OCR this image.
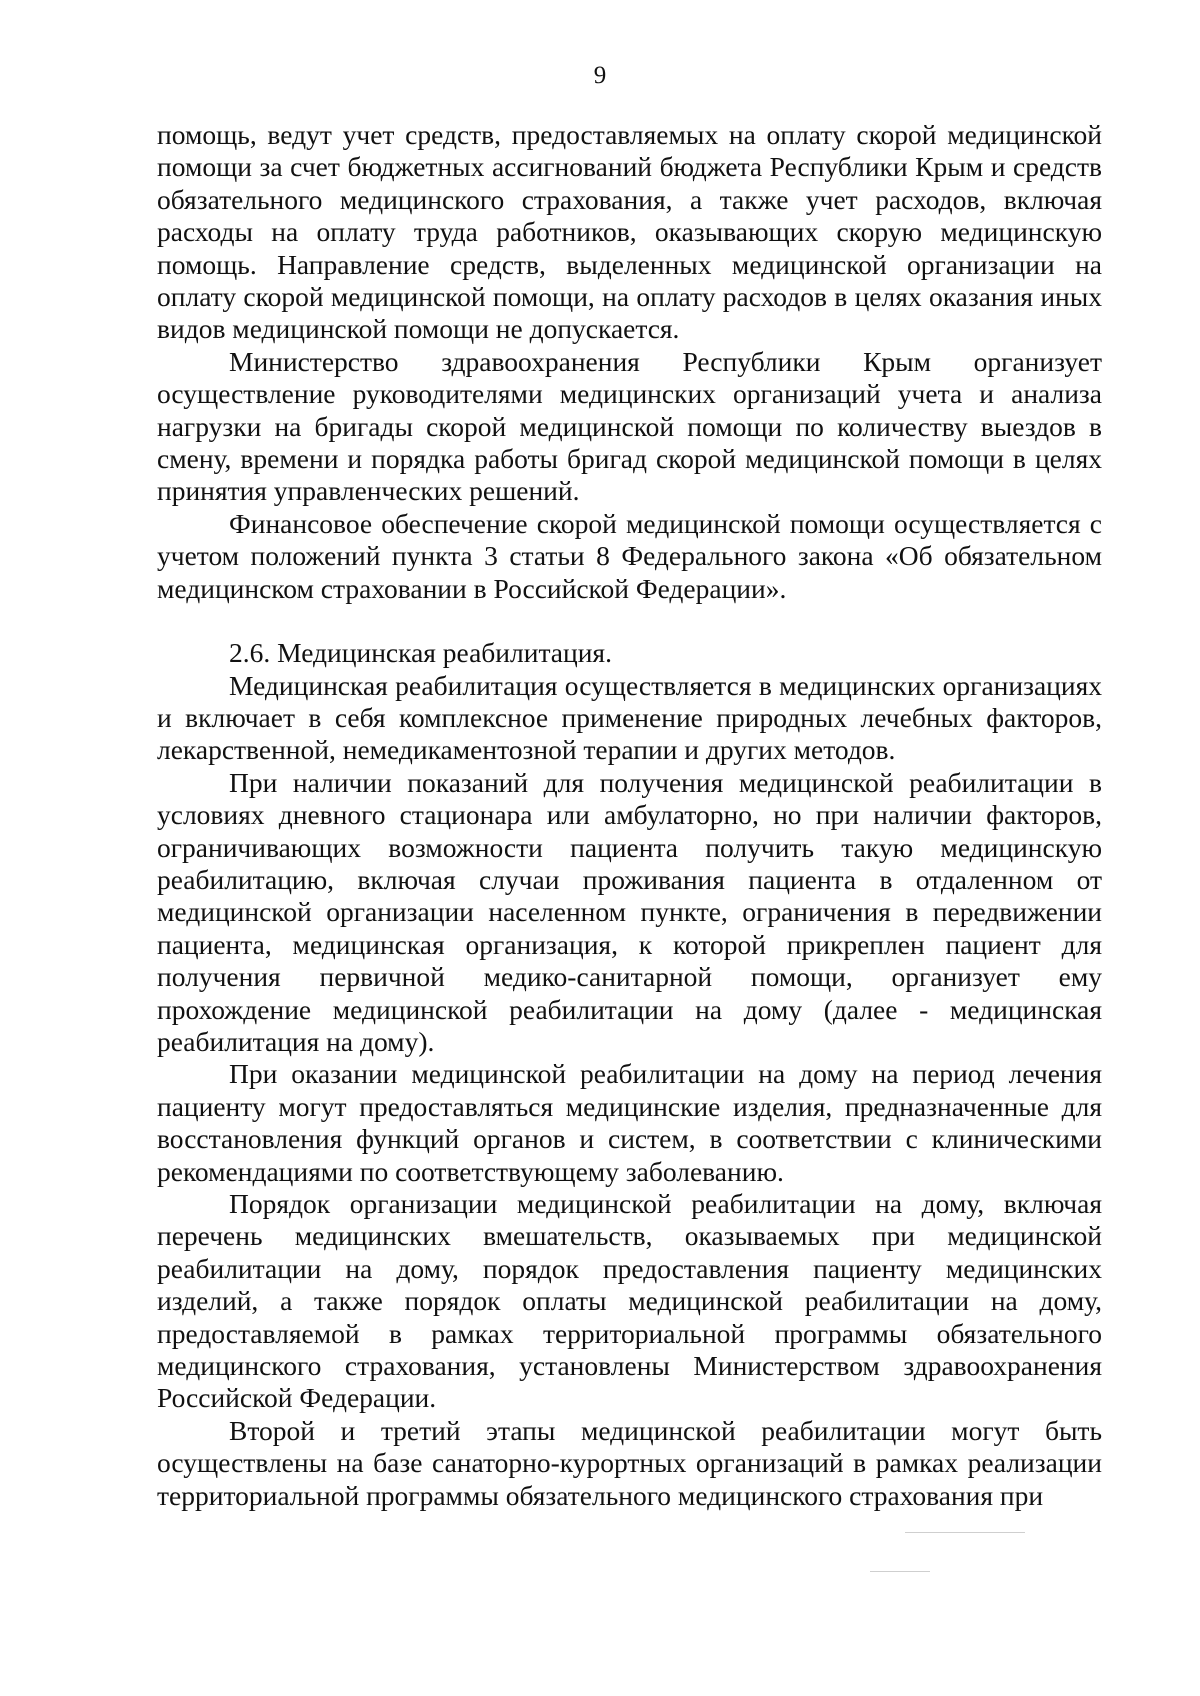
9

помощь, ведут учет средств, предоставляемых на оплату скорой медицинской помощи за счет бюджетных ассигнований бюджета Республики Крым и средств обязательного медицинского страхования, а также учет расходов, включая расходы на оплату труда работников, оказывающих скорую медицинскую помощь. Направление средств, выделенных медицинской организации на оплату скорой медицинской помощи, на оплату расходов в целях оказания иных видов медицинской помощи не допускается.

Министерство здравоохранения Республики Крым организует осуществление руководителями медицинских организаций учета и анализа нагрузки на бригады скорой медицинской помощи по количеству выездов в смену, времени и порядка работы бригад скорой медицинской помощи в целях принятия управленческих решений.

Финансовое обеспечение скорой медицинской помощи осуществляется с учетом положений пункта 3 статьи 8 Федерального закона «Об обязательном медицинском страховании в Российской Федерации».

2.6. Медицинская реабилитация.

Медицинская реабилитация осуществляется в медицинских организациях и включает в себя комплексное применение природных лечебных факторов, лекарственной, немедикаментозной терапии и других методов.

При наличии показаний для получения медицинской реабилитации в условиях дневного стационара или амбулаторно, но при наличии факторов, ограничивающих возможности пациента получить такую медицинскую реабилитацию, включая случаи проживания пациента в отдаленном от медицинской организации населенном пункте, ограничения в передвижении пациента, медицинская организация, к которой прикреплен пациент для получения первичной медико-санитарной помощи, организует ему прохождение медицинской реабилитации на дому (далее - медицинская реабилитация на дому).

При оказании медицинской реабилитации на дому на период лечения пациенту могут предоставляться медицинские изделия, предназначенные для восстановления функций органов и систем, в соответствии с клиническими рекомендациями по соответствующему заболеванию.

Порядок организации медицинской реабилитации на дому, включая перечень медицинских вмешательств, оказываемых при медицинской реабилитации на дому, порядок предоставления пациенту медицинских изделий, а также порядок оплаты медицинской реабилитации на дому, предоставляемой в рамках территориальной программы обязательного медицинского страхования, установлены Министерством здравоохранения Российской Федерации.

Второй и третий этапы медицинской реабилитации могут быть осуществлены на базе санаторно-курортных организаций в рамках реализации территориальной программы обязательного медицинского страхования при
